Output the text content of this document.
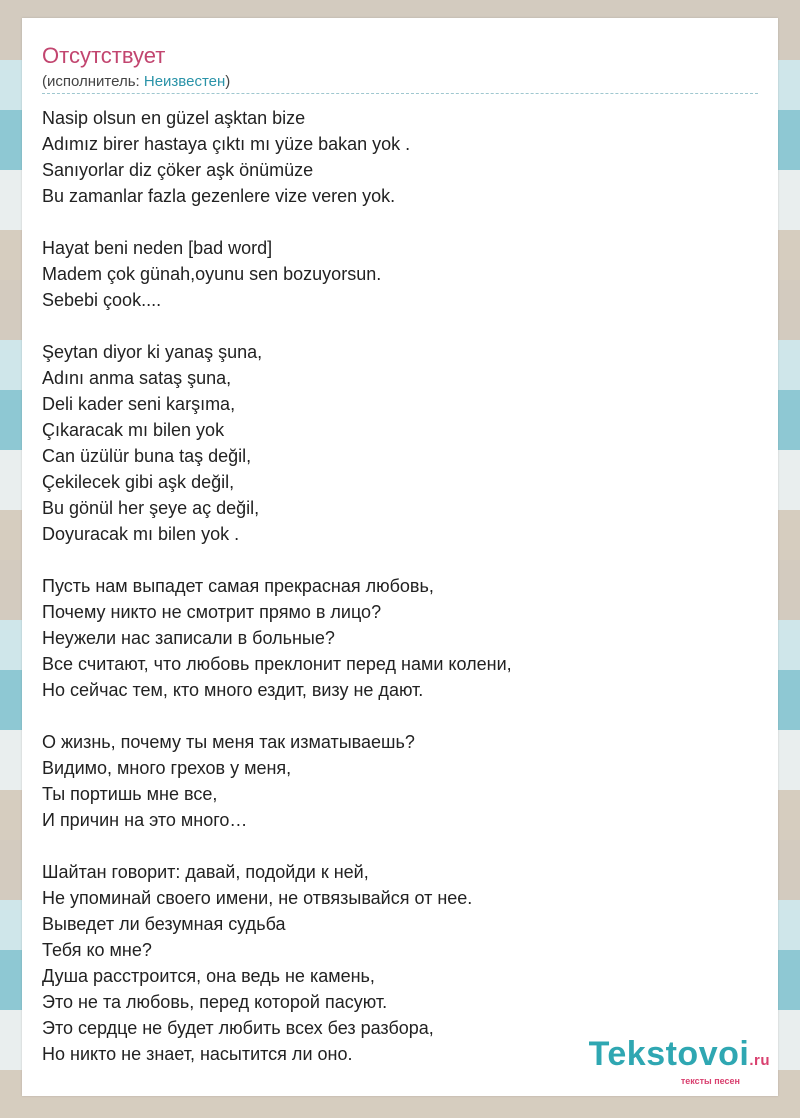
Отсутствует
(исполнитель: Неизвестен)
Nasip olsun en güzel aşktan bize
Adımız birer hastaya çıktı mı yüze bakan yok .
Sanıyorlar diz çöker aşk önümüze
Bu zamanlar fazla gezenlere vize veren yok.
Hayat beni neden [bad word]
Madem çok günah,oyunu sen bozuyorsun.
Sebebi çook....
Şeytan diyor ki yanaş şuna,
Adını anma sataş şuna,
Deli kader seni karşıma,
Çıkaracak mı bilen yok
Can üzülür buna taş değil,
Çekilecek gibi aşk değil,
Bu gönül her şeye aç değil,
Doyuracak mı bilen yok .
Пусть нам выпадет самая прекрасная любовь,
Почему никто не смотрит прямо в лицо?
Неужели нас записали в больные?
Все считают, что любовь преклонит перед нами колени,
Но сейчас тем, кто много ездит, визу не дают.
О жизнь, почему ты меня так изматываешь?
Видимо, много грехов у меня,
Ты портишь мне все,
И причин на это много…
Шайтан говорит: давай, подойди к ней,
Не упоминай своего имени, не отвязывайся от нее.
Выведет ли безумная судьба
Тебя ко мне?
Душа расстроится, она ведь не камень,
Это не та любовь, перед которой пасуют.
Это сердце не будет любить всех без разбора,
Но никто не знает, насытится ли оно.	Tekstovoi.ru
тексты песен
